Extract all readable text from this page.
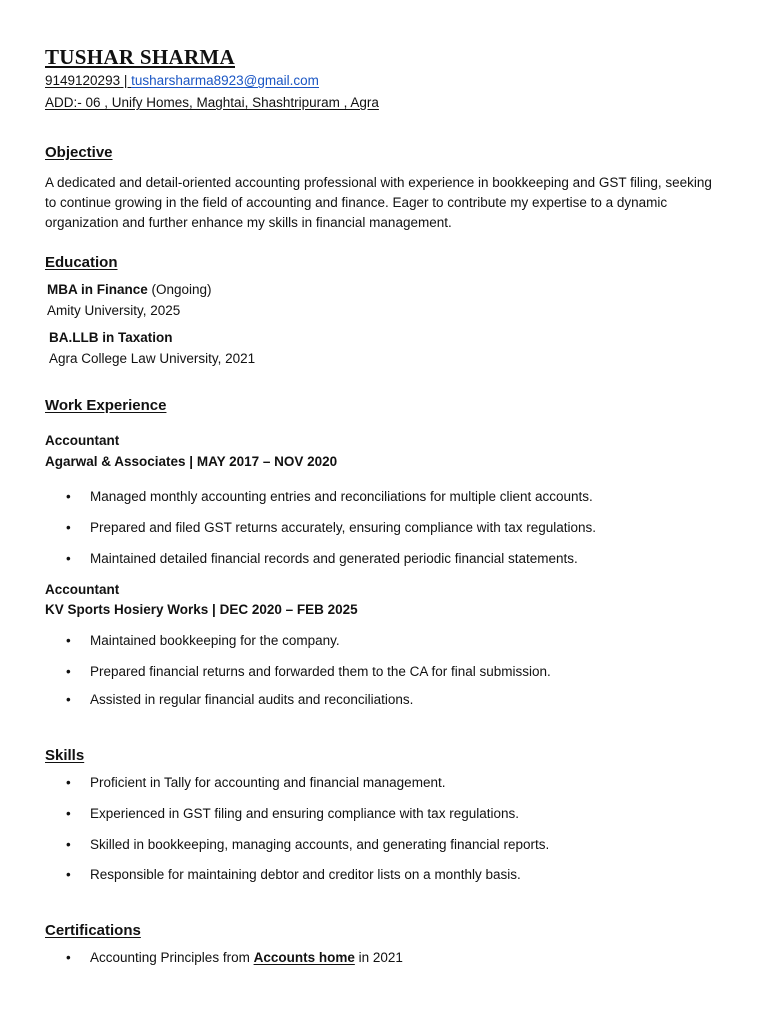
TUSHAR SHARMA
9149120293 | tusharsharma8923@gmail.com
ADD:- 06 , Unify Homes, Maghtai, Shashtripuram , Agra
Objective
A dedicated and detail-oriented accounting professional with experience in bookkeeping and GST filing, seeking to continue growing in the field of accounting and finance. Eager to contribute my expertise to a dynamic organization and further enhance my skills in financial management.
Education
MBA in Finance (Ongoing)
Amity University, 2025
BA.LLB in Taxation
Agra College Law University, 2021
Work Experience
Accountant
Agarwal & Associates | MAY 2017 – NOV 2020
• Managed monthly accounting entries and reconciliations for multiple client accounts.
• Prepared and filed GST returns accurately, ensuring compliance with tax regulations.
• Maintained detailed financial records and generated periodic financial statements.
Accountant
KV Sports Hosiery Works | DEC 2020 – FEB 2025
• Maintained bookkeeping for the company.
• Prepared financial returns and forwarded them to the CA for final submission.
• Assisted in regular financial audits and reconciliations.
Skills
• Proficient in Tally for accounting and financial management.
• Experienced in GST filing and ensuring compliance with tax regulations.
• Skilled in bookkeeping, managing accounts, and generating financial reports.
• Responsible for maintaining debtor and creditor lists on a monthly basis.
Certifications
• Accounting Principles from Accounts home in 2021
